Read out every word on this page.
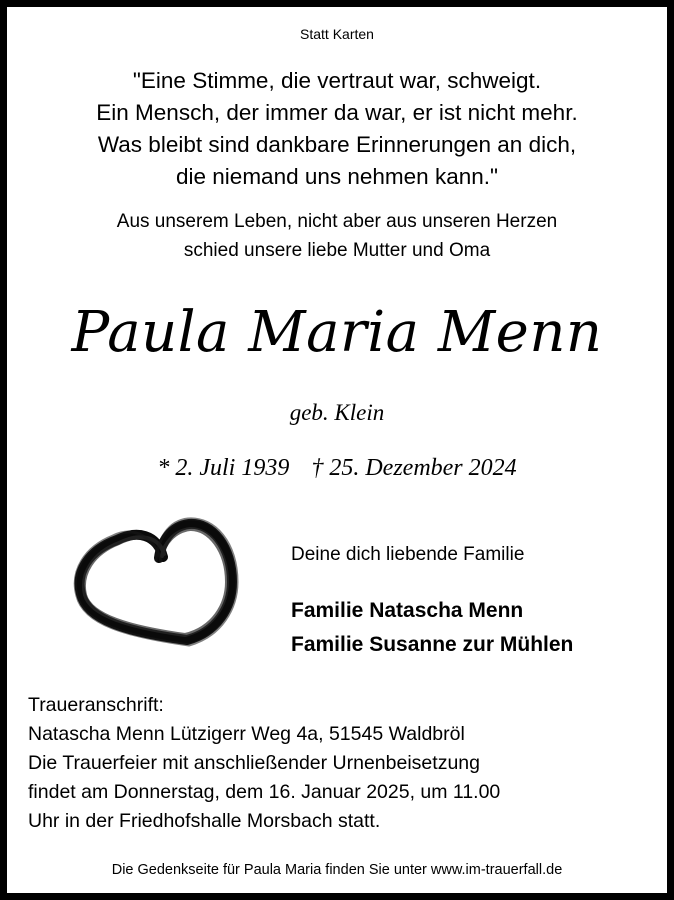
Statt Karten
"Eine Stimme, die vertraut war, schweigt.
Ein Mensch, der immer da war, er ist nicht mehr.
Was bleibt sind dankbare Erinnerungen an dich,
die niemand uns nehmen kann."
Aus unserem Leben, nicht aber aus unseren Herzen
schied unsere liebe Mutter und Oma
Paula Maria Menn
geb. Klein
* 2. Juli 1939 † 25. Dezember 2024
Deine dich liebende Familie
Familie Natascha Menn
Familie Susanne zur Mühlen
Traueranschrift:
Natascha Menn Lützigerr Weg 4a, 51545 Waldbröl
Die Trauerfeier mit anschließender Urnenbeisetzung
findet am Donnerstag, dem 16. Januar 2025, um 11.00
Uhr in der Friedhofshalle Morsbach statt.
Die Gedenkseite für Paula Maria finden Sie unter www.im-trauerfall.de
